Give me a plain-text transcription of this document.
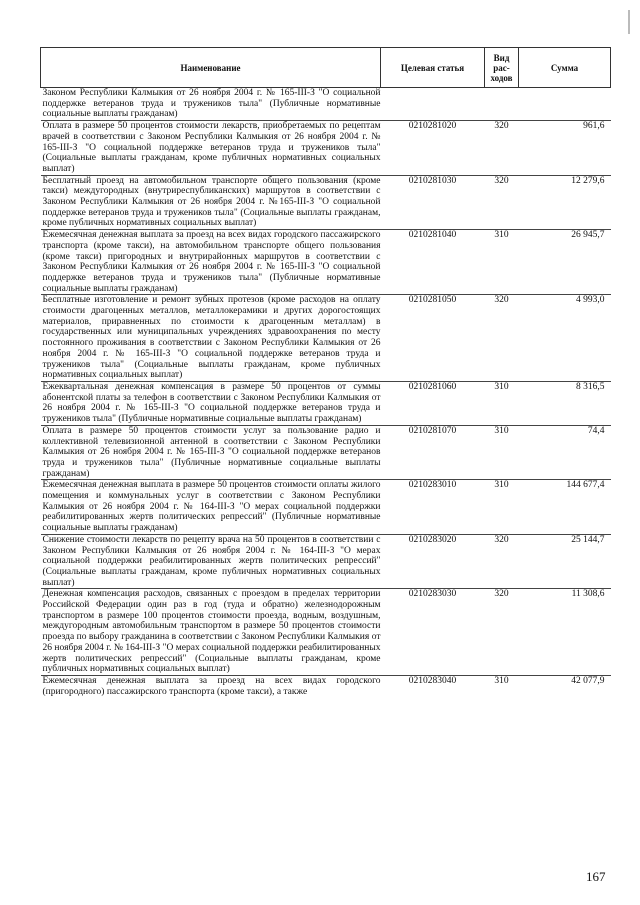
Наименование	Целевая статья	Вид рас-ходов	Сумма
Законом Республики Калмыкия от 26 ноября 2004 г. № 165-III-З "О социальной поддержке ветеранов труда и тружеников тыла" (Публичные нормативные социальные выплаты гражданам)			
Оплата в размере 50 процентов стоимости лекарств, приобретаемых по рецептам врачей в соответствии с Законом Республики Калмыкия от 26 ноября 2004 г. № 165-III-З "О социальной поддержке ветеранов труда и тружеников тыла" (Социальные выплаты гражданам, кроме публичных нормативных социальных выплат)	0210281020	320	961,6
Бесплатный проезд на автомобильном транспорте общего пользования (кроме такси) междугородных (внутриреспубликанских) маршрутов в соответствии с Законом Республики Калмыкия от 26 ноября 2004 г. №165-III-З "О социальной поддержке ветеранов труда и тружеников тыла" (Социальные выплаты гражданам, кроме публичных нормативных социальных выплат)	0210281030	320	12 279,6
Ежемесячная денежная выплата за проезд на всех видах городского пассажирского транспорта (кроме такси), на автомобильном транспорте общего пользования (кроме такси) пригородных и внутрирайонных маршрутов в соответствии с Законом Республики Калмыкия от 26 ноября 2004 г. № 165-III-З "О социальной поддержке ветеранов труда и тружеников тыла" (Публичные нормативные социальные выплаты гражданам)	0210281040	310	26 945,7
Бесплатные изготовление и ремонт зубных протезов (кроме расходов на оплату стоимости драгоценных металлов, металлокерамики и других дорогостоящих материалов, приравненных по стоимости к драгоценным металлам) в государственных или муниципальных учреждениях здравоохранения по месту постоянного проживания в соответствии с Законом Республики Калмыкия от 26 ноября 2004 г. № 165-III-З "О социальной поддержке ветеранов труда и тружеников тыла" (Социальные выплаты гражданам, кроме публичных нормативных социальных выплат)	0210281050	320	4 993,0
Ежеквартальная денежная компенсация в размере 50 процентов от суммы абонентской платы за телефон в соответствии с Законом Республики Калмыкия от 26 ноября 2004 г. № 165-III-З "О социальной поддержке ветеранов труда и тружеников тыла" (Публичные нормативные социальные выплаты гражданам)	0210281060	310	8 316,5
Оплата в размере 50 процентов стоимости услуг за пользование радио и коллективной телевизионной антенной в соответствии с Законом Республики Калмыкия от 26 ноября 2004 г. № 165-III-З "О социальной поддержке ветеранов труда и тружеников тыла" (Публичные нормативные социальные выплаты гражданам)	0210281070	310	74,4
Ежемесячная денежная выплата в размере 50 процентов стоимости оплаты жилого помещения и коммунальных услуг в соответствии с Законом Республики Калмыкия от 26 ноября 2004 г. № 164-III-З "О мерах социальной поддержки реабилитированных жертв политических репрессий" (Публичные нормативные социальные выплаты гражданам)	0210283010	310	144 677,4
Снижение стоимости лекарств по рецепту врача на 50 процентов в соответствии с Законом Республики Калмыкия от 26 ноября 2004 г. № 164-III-З "О мерах социальной поддержки реабилитированных жертв политических репрессий" (Социальные выплаты гражданам, кроме публичных нормативных социальных выплат)	0210283020	320	25 144,7
Денежная компенсация расходов, связанных с проездом в пределах территории Российской Федерации один раз в год (туда и обратно) железнодорожным транспортом в размере 100 процентов стоимости проезда, водным, воздушным, междугородным автомобильным транспортом в размере 50 процентов стоимости проезда по выбору гражданина в соответствии с Законом Республики Калмыкия от 26 ноября 2004 г. № 164-III-З "О мерах социальной поддержки реабилитированных жертв политических репрессий" (Социальные выплаты гражданам, кроме публичных нормативных социальных выплат)	0210283030	320	11 308,6
Ежемесячная денежная выплата за проезд на всех видах городского (пригородного) пассажирского транспорта (кроме такси), а также	0210283040	310	42 077,9
167
